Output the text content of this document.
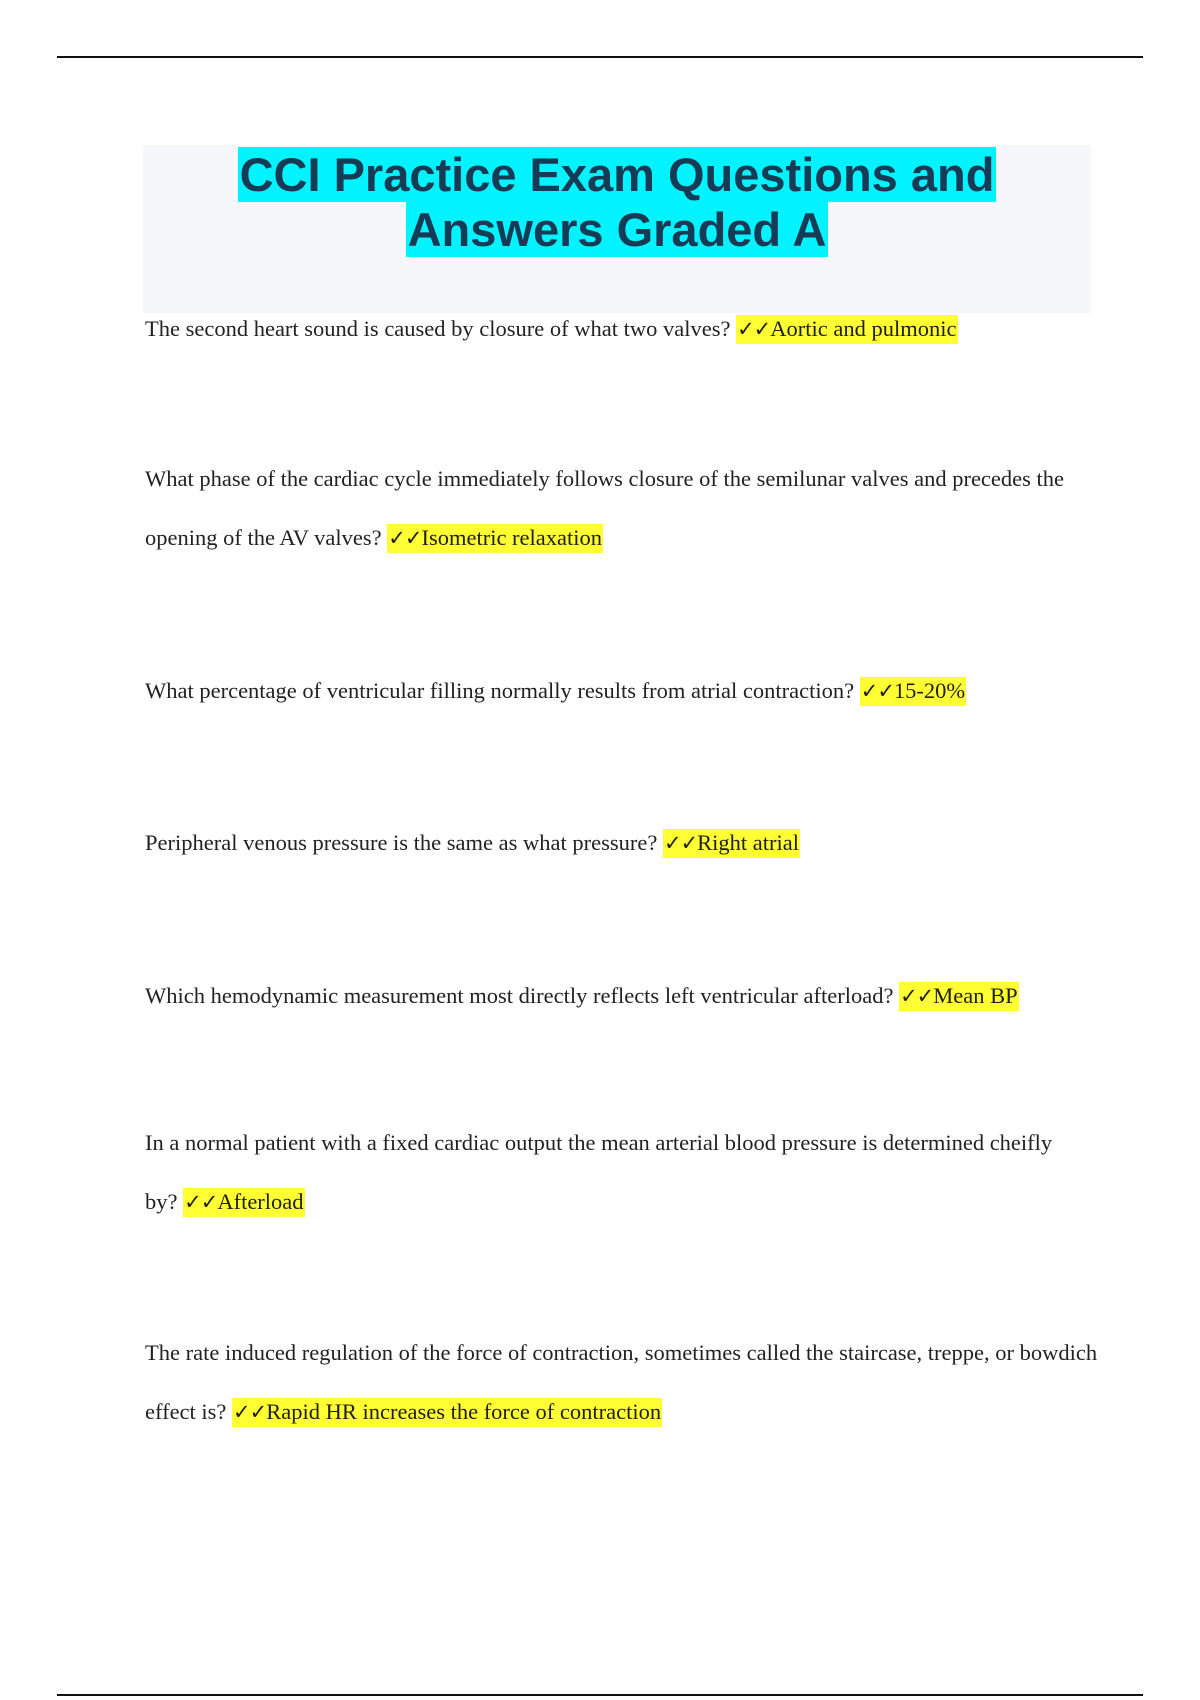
CCI Practice Exam Questions and
Answers Graded A

The second heart sound is caused by closure of what two valves? ✓✓Aortic and pulmonic

What phase of the cardiac cycle immediately follows closure of the semilunar valves and precedes the opening of the AV valves? ✓✓Isometric relaxation

What percentage of ventricular filling normally results from atrial contraction? ✓✓15-20%

Peripheral venous pressure is the same as what pressure? ✓✓Right atrial

Which hemodynamic measurement most directly reflects left ventricular afterload? ✓✓Mean BP

In a normal patient with a fixed cardiac output the mean arterial blood pressure is determined cheifly by? ✓✓Afterload

The rate induced regulation of the force of contraction, sometimes called the staircase, treppe, or bowdich effect is? ✓✓Rapid HR increases the force of contraction
